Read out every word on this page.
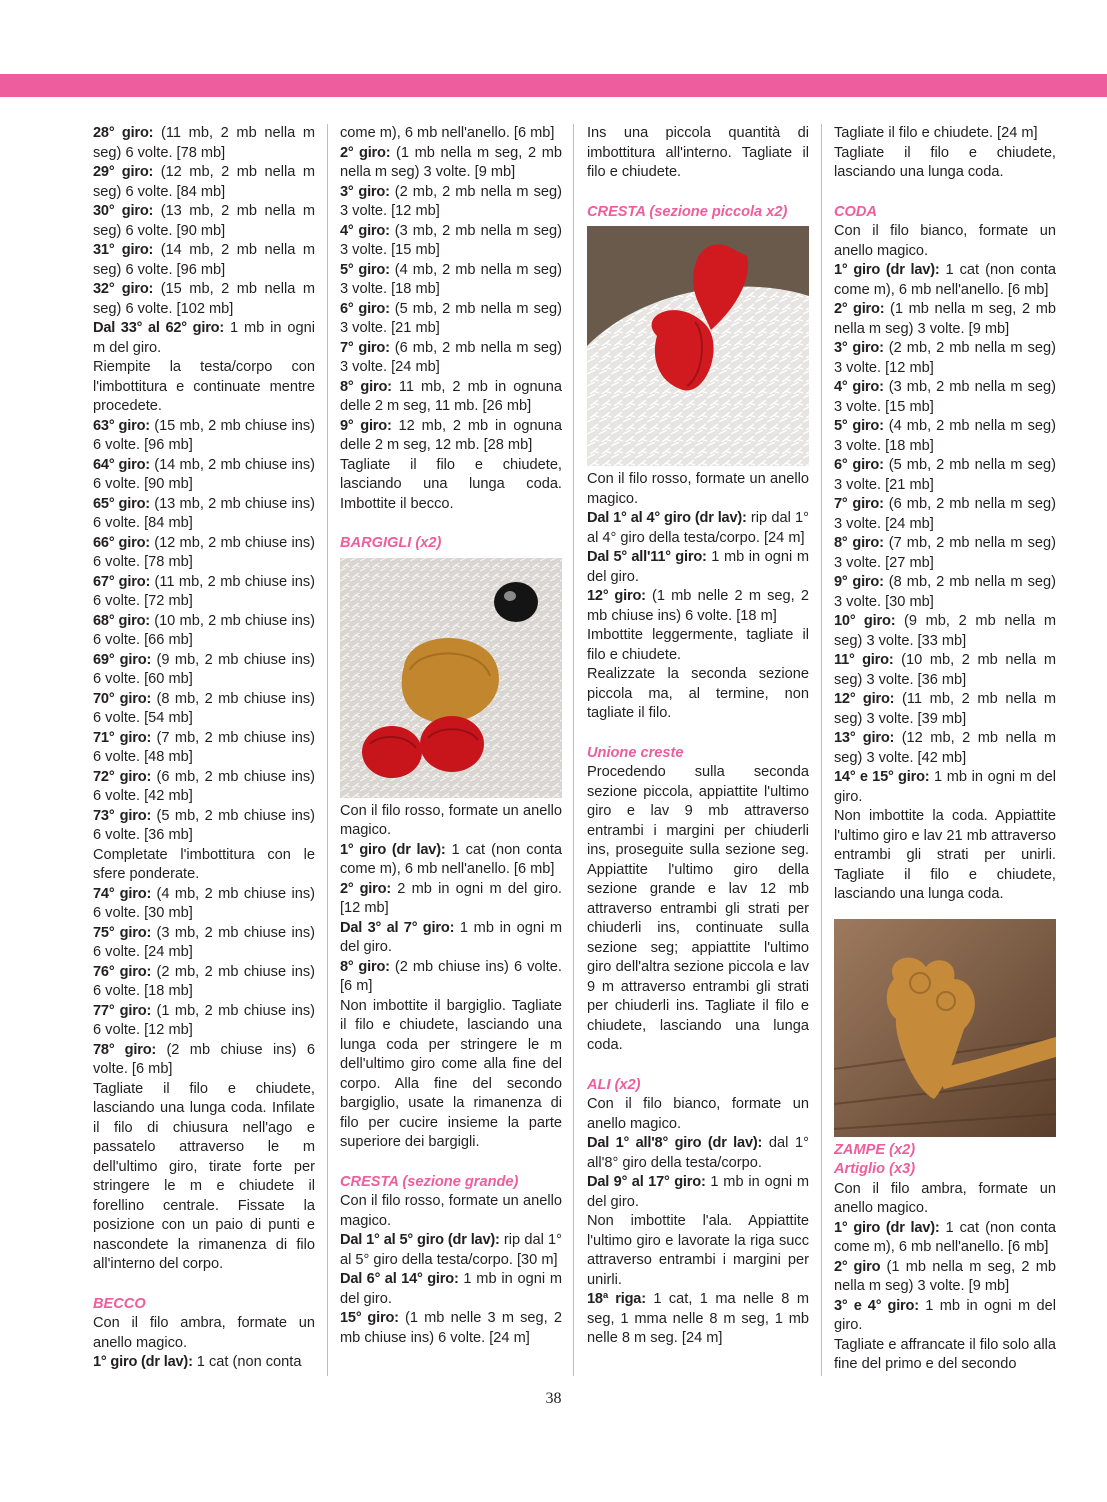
28° giro: (11 mb, 2 mb nella m seg) 6 volte. [78 mb]

29° giro: (12 mb, 2 mb nella m seg) 6 volte. [84 mb]

30° giro: (13 mb, 2 mb nella m seg) 6 volte. [90 mb]

31° giro: (14 mb, 2 mb nella m seg) 6 volte. [96 mb]

32° giro: (15 mb, 2 mb nella m seg) 6 volte. [102 mb]

Dal 33° al 62° giro: 1 mb in ogni m del giro.

Riempite la testa/corpo con l'imbottitura e continuate mentre procedete.

63° giro: (15 mb, 2 mb chiuse ins) 6 volte. [96 mb]

64° giro: (14 mb, 2 mb chiuse ins) 6 volte. [90 mb]

65° giro: (13 mb, 2 mb chiuse ins) 6 volte. [84 mb]

66° giro: (12 mb, 2 mb chiuse ins) 6 volte. [78 mb]

67° giro: (11 mb, 2 mb chiuse ins) 6 volte. [72 mb]

68° giro: (10 mb, 2 mb chiuse ins) 6 volte. [66 mb]

69° giro: (9 mb, 2 mb chiuse ins) 6 volte. [60 mb]

70° giro: (8 mb, 2 mb chiuse ins) 6 volte. [54 mb]

71° giro: (7 mb, 2 mb chiuse ins) 6 volte. [48 mb]

72° giro: (6 mb, 2 mb chiuse ins) 6 volte. [42 mb]

73° giro: (5 mb, 2 mb chiuse ins) 6 volte. [36 mb]

Completate l'imbottitura con le sfere ponderate.

74° giro: (4 mb, 2 mb chiuse ins) 6 volte. [30 mb]

75° giro: (3 mb, 2 mb chiuse ins) 6 volte. [24 mb]

76° giro: (2 mb, 2 mb chiuse ins) 6 volte. [18 mb]

77° giro: (1 mb, 2 mb chiuse ins) 6 volte. [12 mb]

78° giro: (2 mb chiuse ins) 6 volte. [6 mb]

Tagliate il filo e chiudete, lasciando una lunga coda. Infilate il filo di chiusura nell'ago e passatelo attraverso le m dell'ultimo giro, tirate forte per stringere le m e chiudete il forellino centrale. Fissate la posizione con un paio di punti e nascondete la rimanenza di filo all'interno del corpo.

BECCO

Con il filo ambra, formate un anello magico.

1° giro (dr lav): 1 cat (non conta

come m), 6 mb nell'anello. [6 mb]

2° giro: (1 mb nella m seg, 2 mb nella m seg) 3 volte. [9 mb]

3° giro: (2 mb, 2 mb nella m seg) 3 volte. [12 mb]

4° giro: (3 mb, 2 mb nella m seg) 3 volte. [15 mb]

5° giro: (4 mb, 2 mb nella m seg) 3 volte. [18 mb]

6° giro: (5 mb, 2 mb nella m seg) 3 volte. [21 mb]

7° giro: (6 mb, 2 mb nella m seg) 3 volte. [24 mb]

8° giro: 11 mb, 2 mb in ognuna delle 2 m seg, 11 mb. [26 mb]

9° giro: 12 mb, 2 mb in ognuna delle 2 m seg, 12 mb. [28 mb]

Tagliate il filo e chiudete, lasciando una lunga coda. Imbottite il becco.

BARGIGLI (x2)

Con il filo rosso, formate un anello magico.

1° giro (dr lav): 1 cat (non conta come m), 6 mb nell'anello. [6 mb]

2° giro: 2 mb in ogni m del giro. [12 mb]

Dal 3° al 7° giro: 1 mb in ogni m del giro.

8° giro: (2 mb chiuse ins) 6 volte. [6 m]

Non imbottite il bargiglio. Tagliate il filo e chiudete, lasciando una lunga coda per stringere le m dell'ultimo giro come alla fine del corpo. Alla fine del secondo bargiglio, usate la rimanenza di filo per cucire insieme la parte superiore dei bargigli.

CRESTA (sezione grande)

Con il filo rosso, formate un anello magico.

Dal 1° al 5° giro (dr lav): rip dal 1° al 5° giro della testa/corpo. [30 m]

Dal 6° al 14° giro: 1 mb in ogni m del giro.

15° giro: (1 mb nelle 3 m seg, 2 mb chiuse ins) 6 volte. [24 m]

Ins una piccola quantità di imbottitura all'interno. Tagliate il filo e chiudete.

CRESTA (sezione piccola x2)

Con il filo rosso, formate un anello magico.

Dal 1° al 4° giro (dr lav): rip dal 1° al 4° giro della testa/corpo. [24 m]

Dal 5° all'11° giro: 1 mb in ogni m del giro.

12° giro: (1 mb nelle 2 m seg, 2 mb chiuse ins) 6 volte. [18 m]

Imbottite leggermente, tagliate il filo e chiudete.

Realizzate la seconda sezione piccola ma, al termine, non tagliate il filo.

Unione creste

Procedendo sulla seconda sezione piccola, appiattite l'ultimo giro e lav 9 mb attraverso entrambi i margini per chiuderli ins, proseguite sulla sezione seg. Appiattite l'ultimo giro della sezione grande e lav 12 mb attraverso entrambi gli strati per chiuderli ins, continuate sulla sezione seg; appiattite l'ultimo giro dell'altra sezione piccola e lav 9 m attraverso entrambi gli strati per chiuderli ins. Tagliate il filo e chiudete, lasciando una lunga coda.

ALI (x2)

Con il filo bianco, formate un anello magico.

Dal 1° all'8° giro (dr lav): dal 1° all'8° giro della testa/corpo.

Dal 9° al 17° giro: 1 mb in ogni m del giro.

Non imbottite l'ala. Appiattite l'ultimo giro e lavorate la riga succ attraverso entrambi i margini per unirli.

18ª riga: 1 cat, 1 ma nelle 8 m seg, 1 mma nelle 8 m seg, 1 mb nelle 8 m seg. [24 m]

Tagliate il filo e chiudete. [24 m]

Tagliate il filo e chiudete, lasciando una lunga coda.

CODA

Con il filo bianco, formate un anello magico.

1° giro (dr lav): 1 cat (non conta come m), 6 mb nell'anello. [6 mb]

2° giro: (1 mb nella m seg, 2 mb nella m seg) 3 volte. [9 mb]

3° giro: (2 mb, 2 mb nella m seg) 3 volte. [12 mb]

4° giro: (3 mb, 2 mb nella m seg) 3 volte. [15 mb]

5° giro: (4 mb, 2 mb nella m seg) 3 volte. [18 mb]

6° giro: (5 mb, 2 mb nella m seg) 3 volte. [21 mb]

7° giro: (6 mb, 2 mb nella m seg) 3 volte. [24 mb]

8° giro: (7 mb, 2 mb nella m seg) 3 volte. [27 mb]

9° giro: (8 mb, 2 mb nella m seg) 3 volte. [30 mb]

10° giro: (9 mb, 2 mb nella m seg) 3 volte. [33 mb]

11° giro: (10 mb, 2 mb nella m seg) 3 volte. [36 mb]

12° giro: (11 mb, 2 mb nella m seg) 3 volte. [39 mb]

13° giro: (12 mb, 2 mb nella m seg) 3 volte. [42 mb]

14° e 15° giro: 1 mb in ogni m del giro.

Non imbottite la coda. Appiattite l'ultimo giro e lav 21 mb attraverso entrambi gli strati per unirli. Tagliate il filo e chiudete, lasciando una lunga coda.

ZAMPE (x2)
Artiglio (x3)

Con il filo ambra, formate un anello magico.

1° giro (dr lav): 1 cat (non conta come m), 6 mb nell'anello. [6 mb]

2° giro (1 mb nella m seg, 2 mb nella m seg) 3 volte. [9 mb]

3° e 4° giro: 1 mb in ogni m del giro.

Tagliate e affrancate il filo solo alla fine del primo e del secondo

38
